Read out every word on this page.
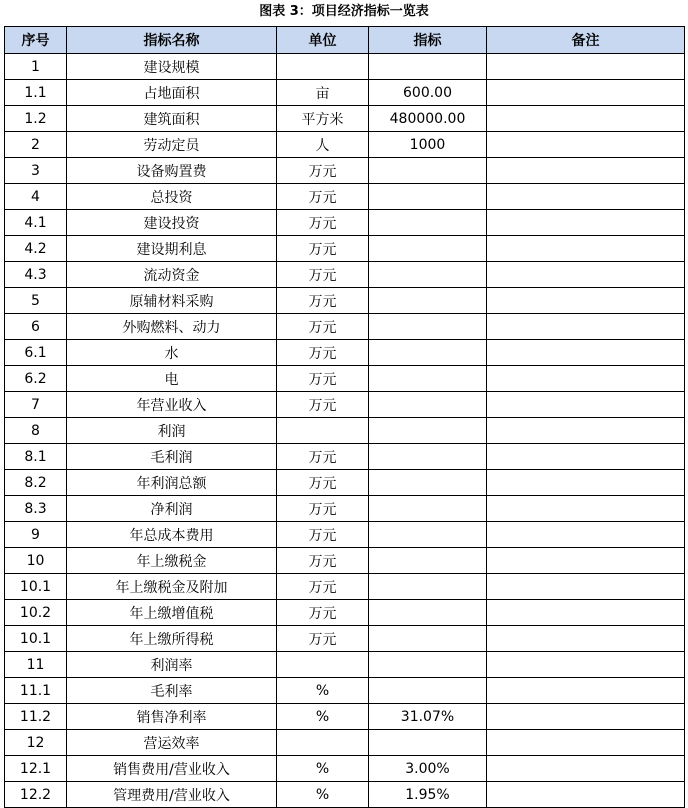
图表 3：项目经济指标一览表
序号	指标名称	单位	指标	备注
1	建设规模			
1.1	占地面积	亩	600.00	
1.2	建筑面积	平方米	480000.00	
2	劳动定员	人	1000	
3	设备购置费	万元		
4	总投资	万元		
4.1	建设投资	万元		
4.2	建设期利息	万元		
4.3	流动资金	万元		
5	原辅材料采购	万元		
6	外购燃料、动力	万元		
6.1	水	万元		
6.2	电	万元		
7	年营业收入	万元		
8	利润			
8.1	毛利润	万元		
8.2	年利润总额	万元		
8.3	净利润	万元		
9	年总成本费用	万元		
10	年上缴税金	万元		
10.1	年上缴税金及附加	万元		
10.2	年上缴增值税	万元		
10.1	年上缴所得税	万元		
11	利润率			
11.1	毛利率	%		
11.2	销售净利率	%	31.07%	
12	营运效率			
12.1	销售费用/营业收入	%	3.00%	
12.2	管理费用/营业收入	%	1.95%	
